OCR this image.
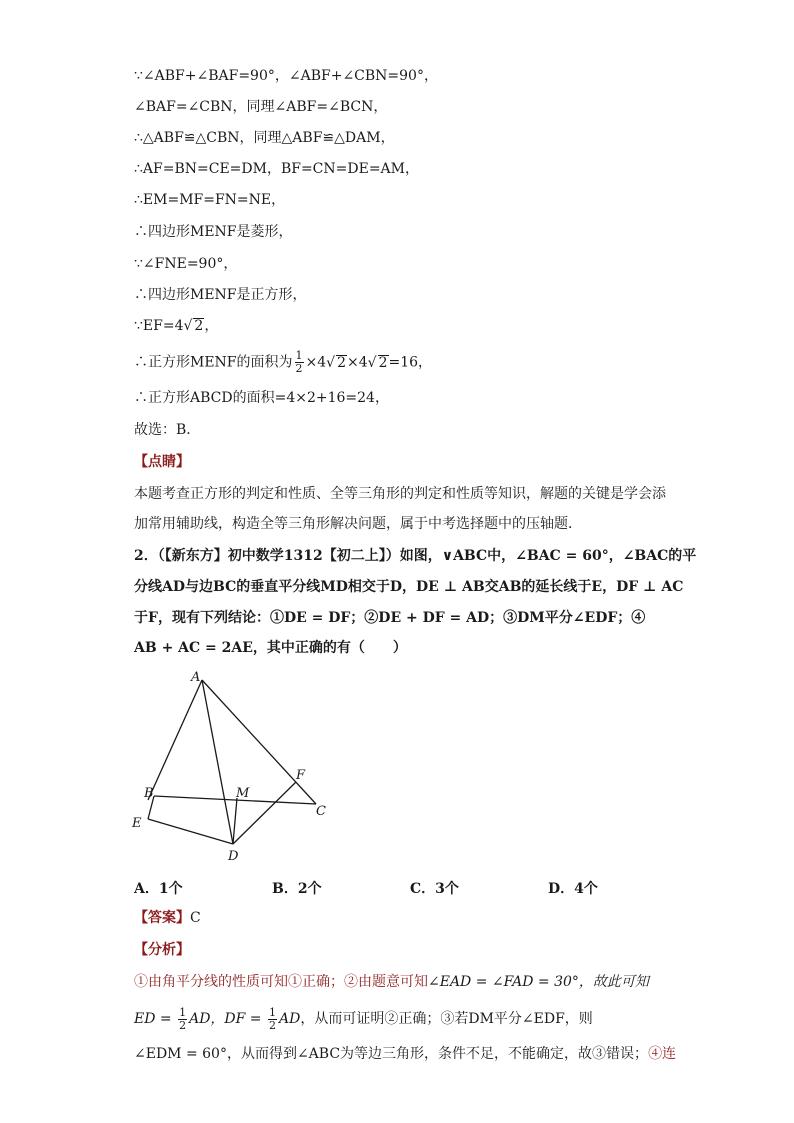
∵∠ABF+∠BAF=90°，∠ABF+∠CBN=90°，
∠BAF=∠CBN，同理∠ABF=∠BCN，
∴△ABF≌△CBN，同理△ABF≌△DAM，
∴AF=BN=CE=DM，BF=CN=DE=AM，
∴EM=MF=FN=NE，
∴四边形MENF是菱形，
∵∠FNE=90°，
∴四边形MENF是正方形，
∵EF=4√ 2，
∴正方形MENF的面积为 $\frac{1}{2} \times 4√$ 2×4√ 2=16，
∴正方形ABCD的面积=4×2+16=24，
故选：B．
【点睛】
本题考查正方形的判定和性质、全等三角形的判定和性质等知识，解题的关键是学会添
加常用辅助线，构造全等三角形解决问题，属于中考选择题中的压轴题．
2．（【新东方】初中数学1312【初二上】）如图，∨ABC中，∠BAC = 60°，∠BAC的平
分线AD与边BC的垂直平分线MD相交于D，DE ⊥ AB交AB的延长线于E，DF ⊥ AC
于F，现有下列结论：①DE = DF；②DE + DF = AD；③DM平分∠EDF；④
AB + AC = 2AE，其中正确的有（　　）
A
B
C
D
E
F
M
A．1个	B．2个	C．3个	D．4个
【答案】C
【分析】
①由角平分线的性质可知①正确；②由题意可知∠EAD = ∠FAD = 30°，故此可知
ED = $\frac{1}{2}$ AD，DF = $\frac{1}{2}$ AD，从而可证明②正确；③若DM平分∠EDF，则
∠EDM = 60°，从而得到∠ABC为等边三角形，条件不足，不能确定，故③错误；④连
